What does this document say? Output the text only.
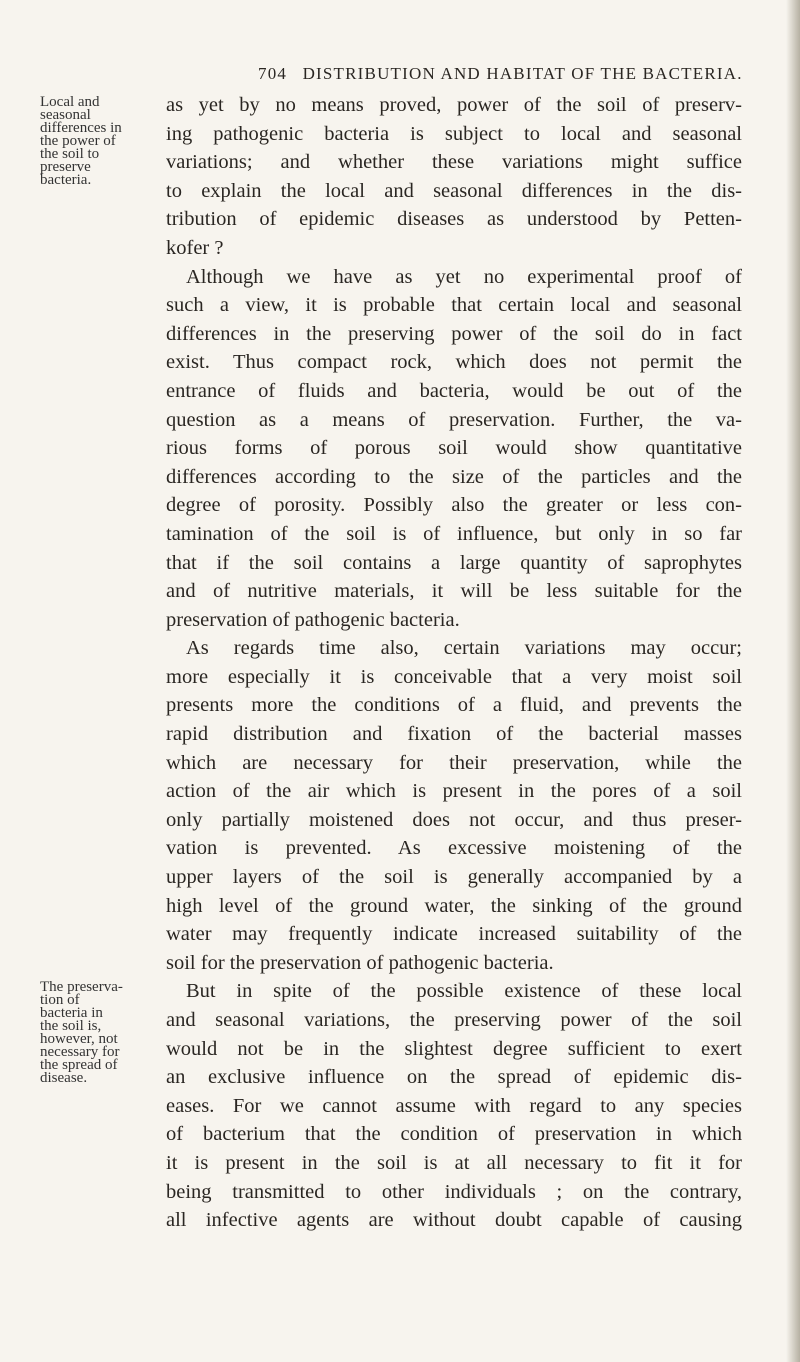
704 DISTRIBUTION AND HABITAT OF THE BACTERIA.
Local and
seasonal
differences in
the power of
the soil to
preserve
bacteria.
The preserva-
tion of
bacteria in
the soil is,
however, not
necessary for
the spread of
disease.
as yet by no means proved, power of the soil of preserv-
ing pathogenic bacteria is subject to local and seasonal
variations; and whether these variations might suffice
to explain the local and seasonal differences in the dis-
tribution of epidemic diseases as understood by Petten-
kofer ?
Although we have as yet no experimental proof of
such a view, it is probable that certain local and seasonal
differences in the preserving power of the soil do in fact
exist. Thus compact rock, which does not permit the
entrance of fluids and bacteria, would be out of the
question as a means of preservation. Further, the va-
rious forms of porous soil would show quantitative
differences according to the size of the particles and the
degree of porosity. Possibly also the greater or less con-
tamination of the soil is of influence, but only in so far
that if the soil contains a large quantity of saprophytes
and of nutritive materials, it will be less suitable for the
preservation of pathogenic bacteria.
As regards time also, certain variations may occur;
more especially it is conceivable that a very moist soil
presents more the conditions of a fluid, and prevents the
rapid distribution and fixation of the bacterial masses
which are necessary for their preservation, while the
action of the air which is present in the pores of a soil
only partially moistened does not occur, and thus preser-
vation is prevented. As excessive moistening of the
upper layers of the soil is generally accompanied by a
high level of the ground water, the sinking of the ground
water may frequently indicate increased suitability of the
soil for the preservation of pathogenic bacteria.
But in spite of the possible existence of these local
and seasonal variations, the preserving power of the soil
would not be in the slightest degree sufficient to exert
an exclusive influence on the spread of epidemic dis-
eases. For we cannot assume with regard to any species
of bacterium that the condition of preservation in which
it is present in the soil is at all necessary to fit it for
being transmitted to other individuals ; on the contrary,
all infective agents are without doubt capable of causing
